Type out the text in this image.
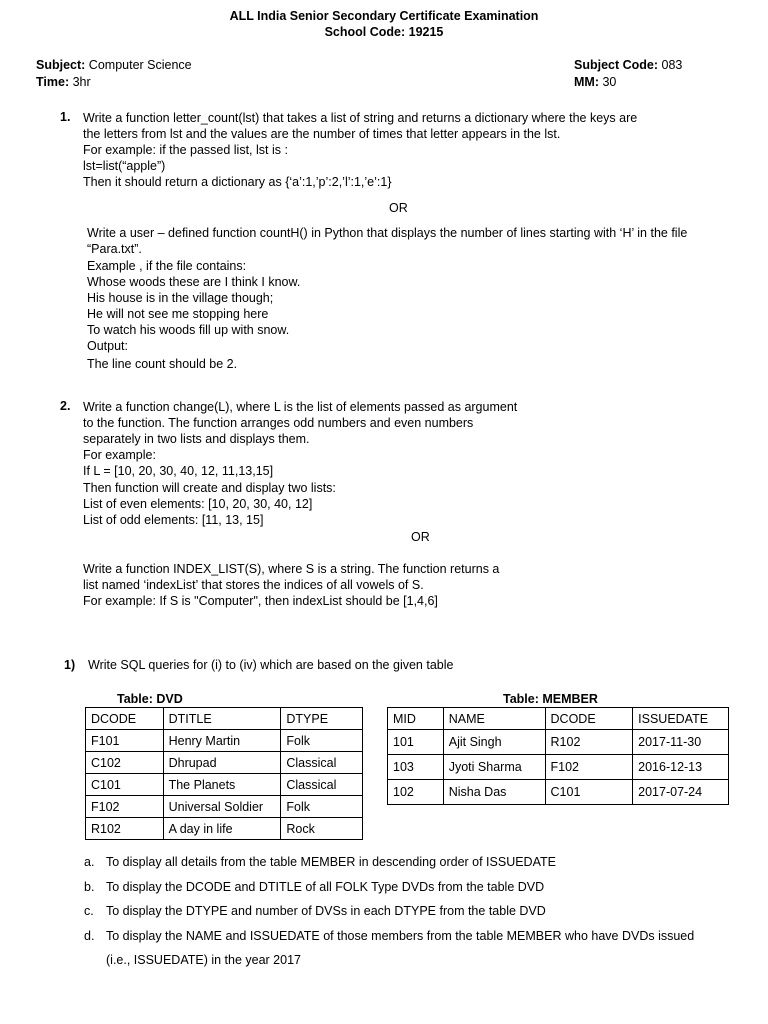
ALL India Senior Secondary Certificate Examination
School Code: 19215
Subject: Computer Science
Time: 3hr
Subject Code: 083
MM: 30
1. Write a function letter_count(lst) that takes a list of string and returns a dictionary where the keys are
the letters from lst and the values are the number of times that letter appears in the lst.
For example: if the passed list, lst is :
lst=list(“apple”)
Then it should return a dictionary as {‘a’:1,’p’:2,’l’:1,’e’:1}
OR
Write a user – defined function countH() in Python that displays the number of lines starting with ‘H’ in the file
“Para.txt”.
Example , if the file contains:
Whose woods these are I think I know.
His house is in the village though;
He will not see me stopping here
To watch his woods fill up with snow.
Output:
The line count should be 2.
2. Write a function change(L), where L is the list of elements passed as argument
to the function. The function arranges odd numbers and even numbers
separately in two lists and displays them.
For example:
If L = [10, 20, 30, 40, 12, 11,13,15]
Then function will create and display two lists:
List of even elements: [10, 20, 30, 40, 12]
List of odd elements: [11, 13, 15]
OR
Write a function INDEX_LIST(S), where S is a string. The function returns a
list named ‘indexList’ that stores the indices of all vowels of S.
For example: If S is "Computer", then indexList should be [1,4,6]
1) Write SQL queries for (i) to (iv) which are based on the given table
Table: DVD	Table: MEMBER
DCODE	DTITLE	DTYPE
F101	Henry Martin	Folk
C102	Dhrupad	Classical
C101	The Planets	Classical
F102	Universal Soldier	Folk
R102	A day in life	Rock
MID	NAME	DCODE	ISSUEDATE
101	Ajit Singh	R102	2017-11-30
103	Jyoti Sharma	F102	2016-12-13
102	Nisha Das	C101	2017-07-24
a. To display all details from the table MEMBER in descending order of ISSUEDATE
b. To display the DCODE and DTITLE of all FOLK Type DVDs from the table DVD
c. To display the DTYPE and number of DVSs in each DTYPE from the table DVD
d. To display the NAME and ISSUEDATE of those members from the table MEMBER who have DVDs issued
(i.e., ISSUEDATE) in the year 2017
